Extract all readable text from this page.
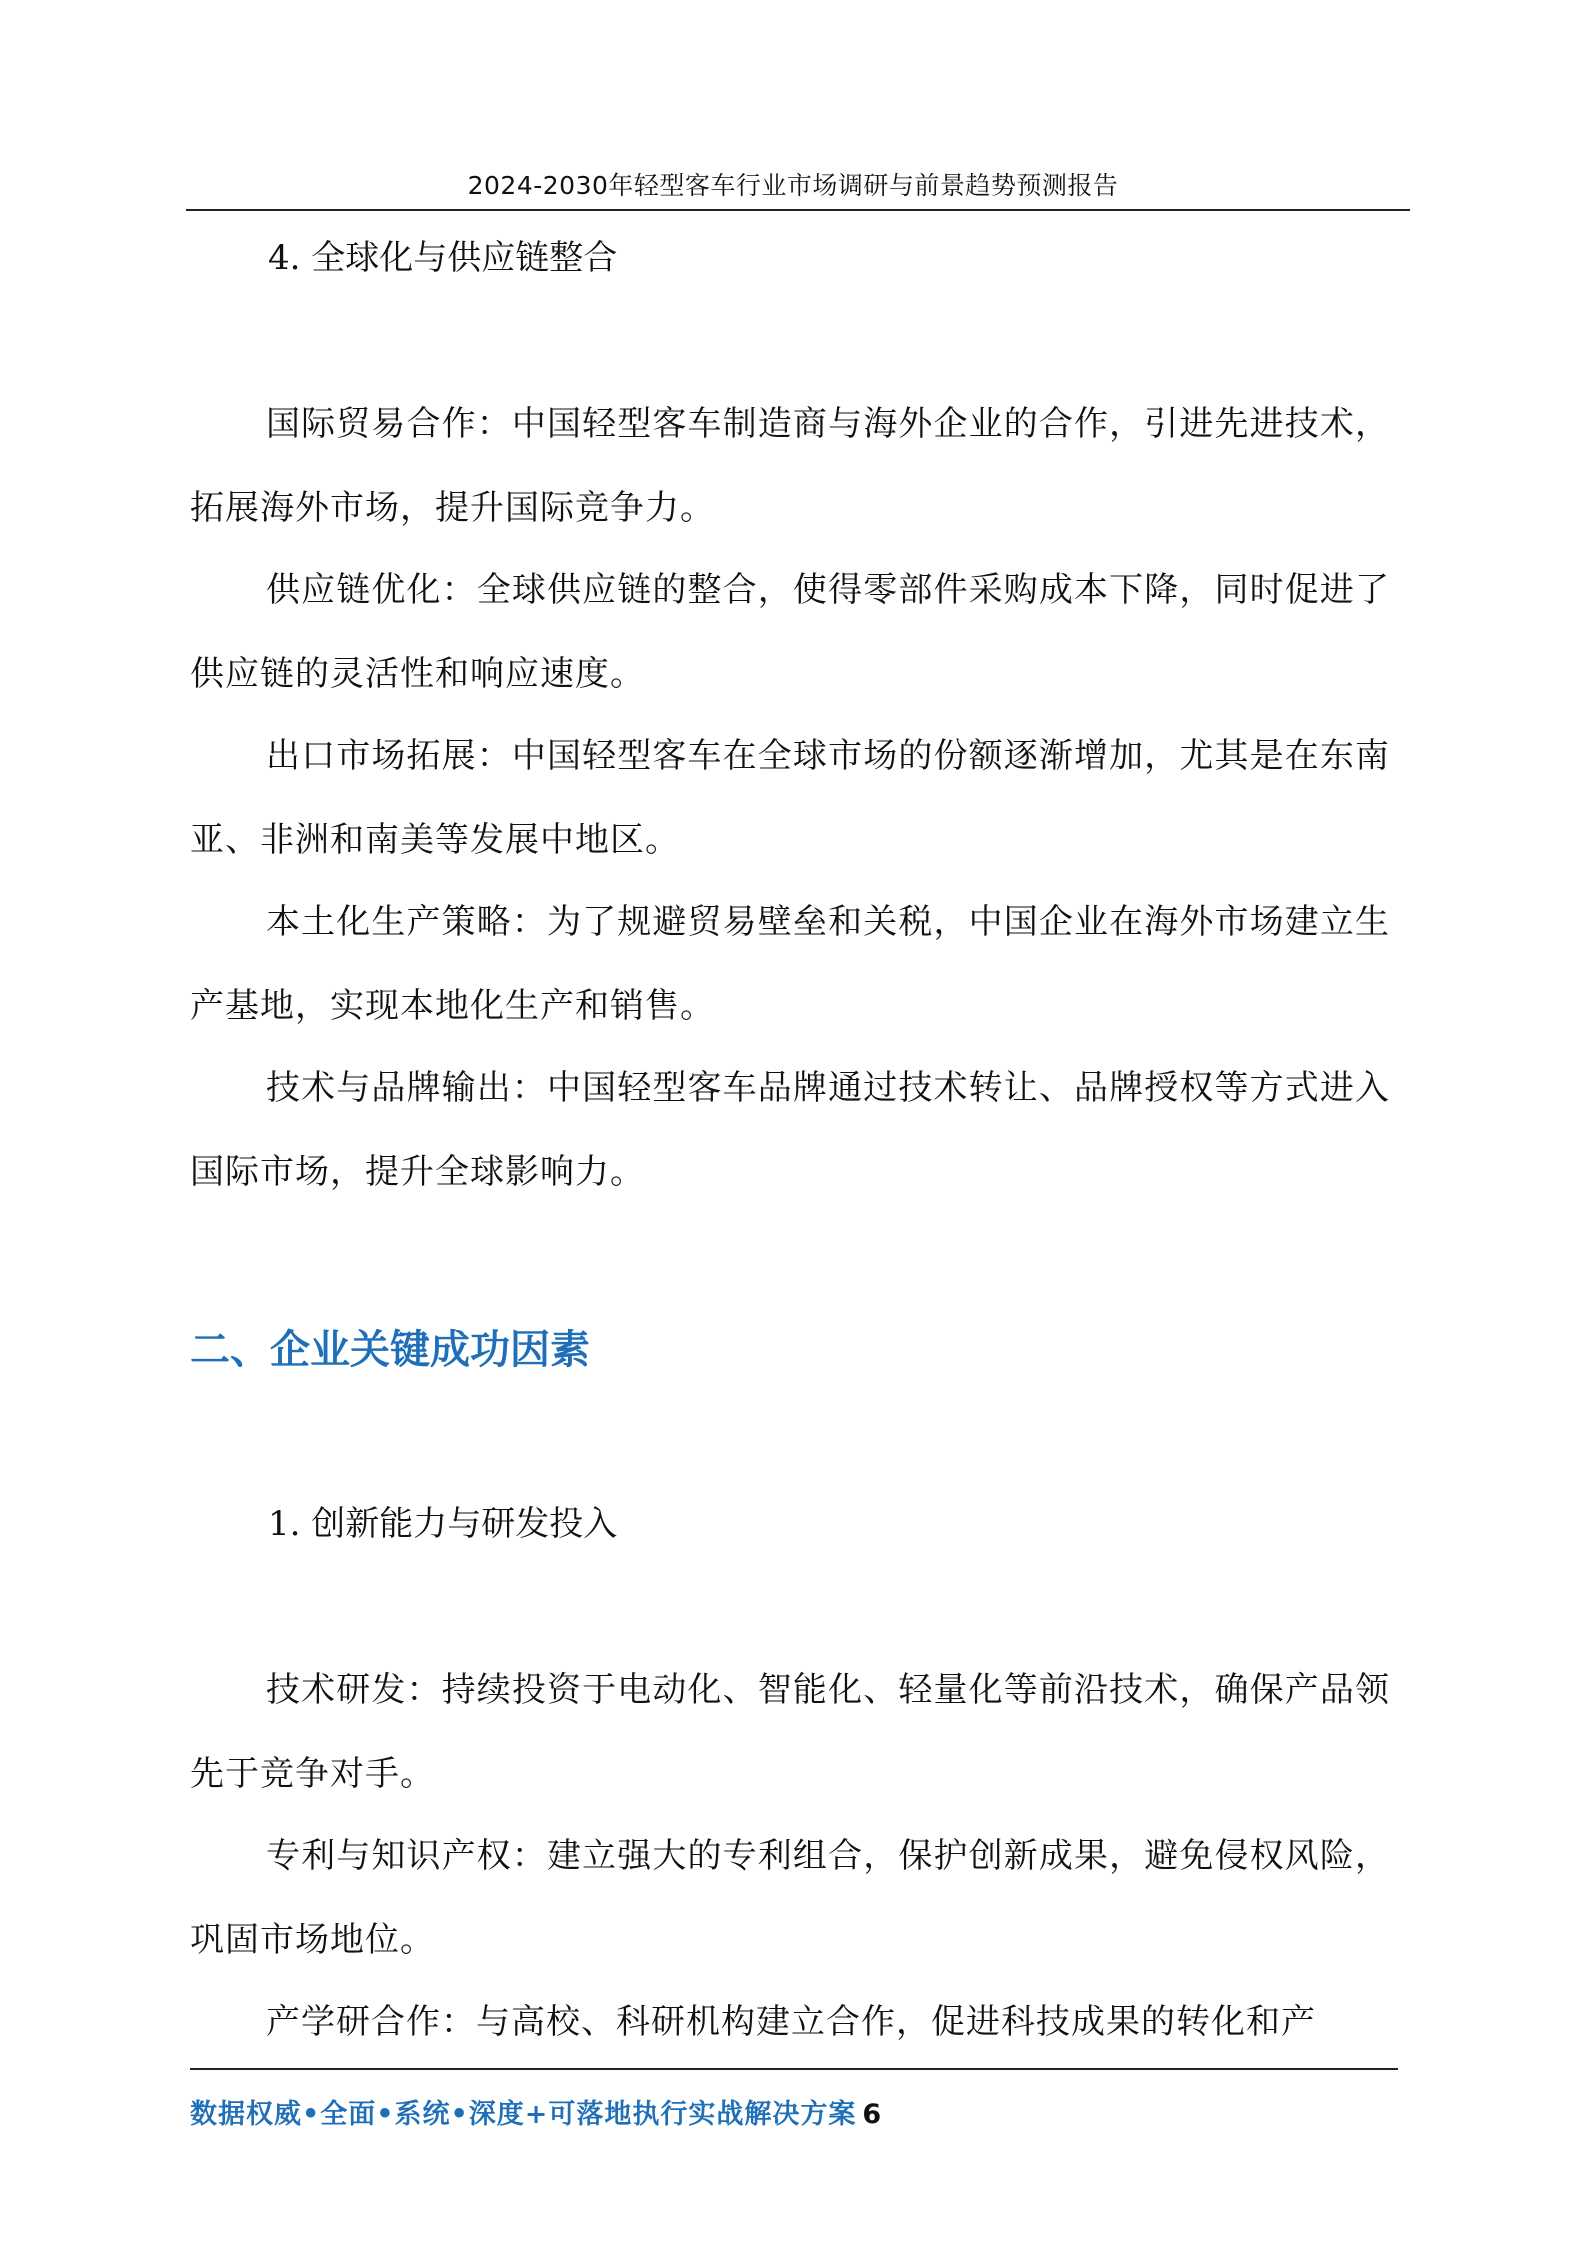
2024-2030年轻型客车行业市场调研与前景趋势预测报告
4. 全球化与供应链整合
国际贸易合作：中国轻型客车制造商与海外企业的合作，引进先进技术，拓展海外市场，提升国际竞争力。
供应链优化：全球供应链的整合，使得零部件采购成本下降，同时促进了供应链的灵活性和响应速度。
出口市场拓展：中国轻型客车在全球市场的份额逐渐增加，尤其是在东南亚、非洲和南美等发展中地区。
本土化生产策略：为了规避贸易壁垒和关税，中国企业在海外市场建立生产基地，实现本地化生产和销售。
技术与品牌输出：中国轻型客车品牌通过技术转让、品牌授权等方式进入国际市场，提升全球影响力。
二、企业关键成功因素
1. 创新能力与研发投入
技术研发：持续投资于电动化、智能化、轻量化等前沿技术，确保产品领先于竞争对手。
专利与知识产权：建立强大的专利组合，保护创新成果，避免侵权风险，巩固市场地位。
产学研合作：与高校、科研机构建立合作，促进科技成果的转化和产
数据权威•全面•系统•深度+可落地执行实战解决方案 6
